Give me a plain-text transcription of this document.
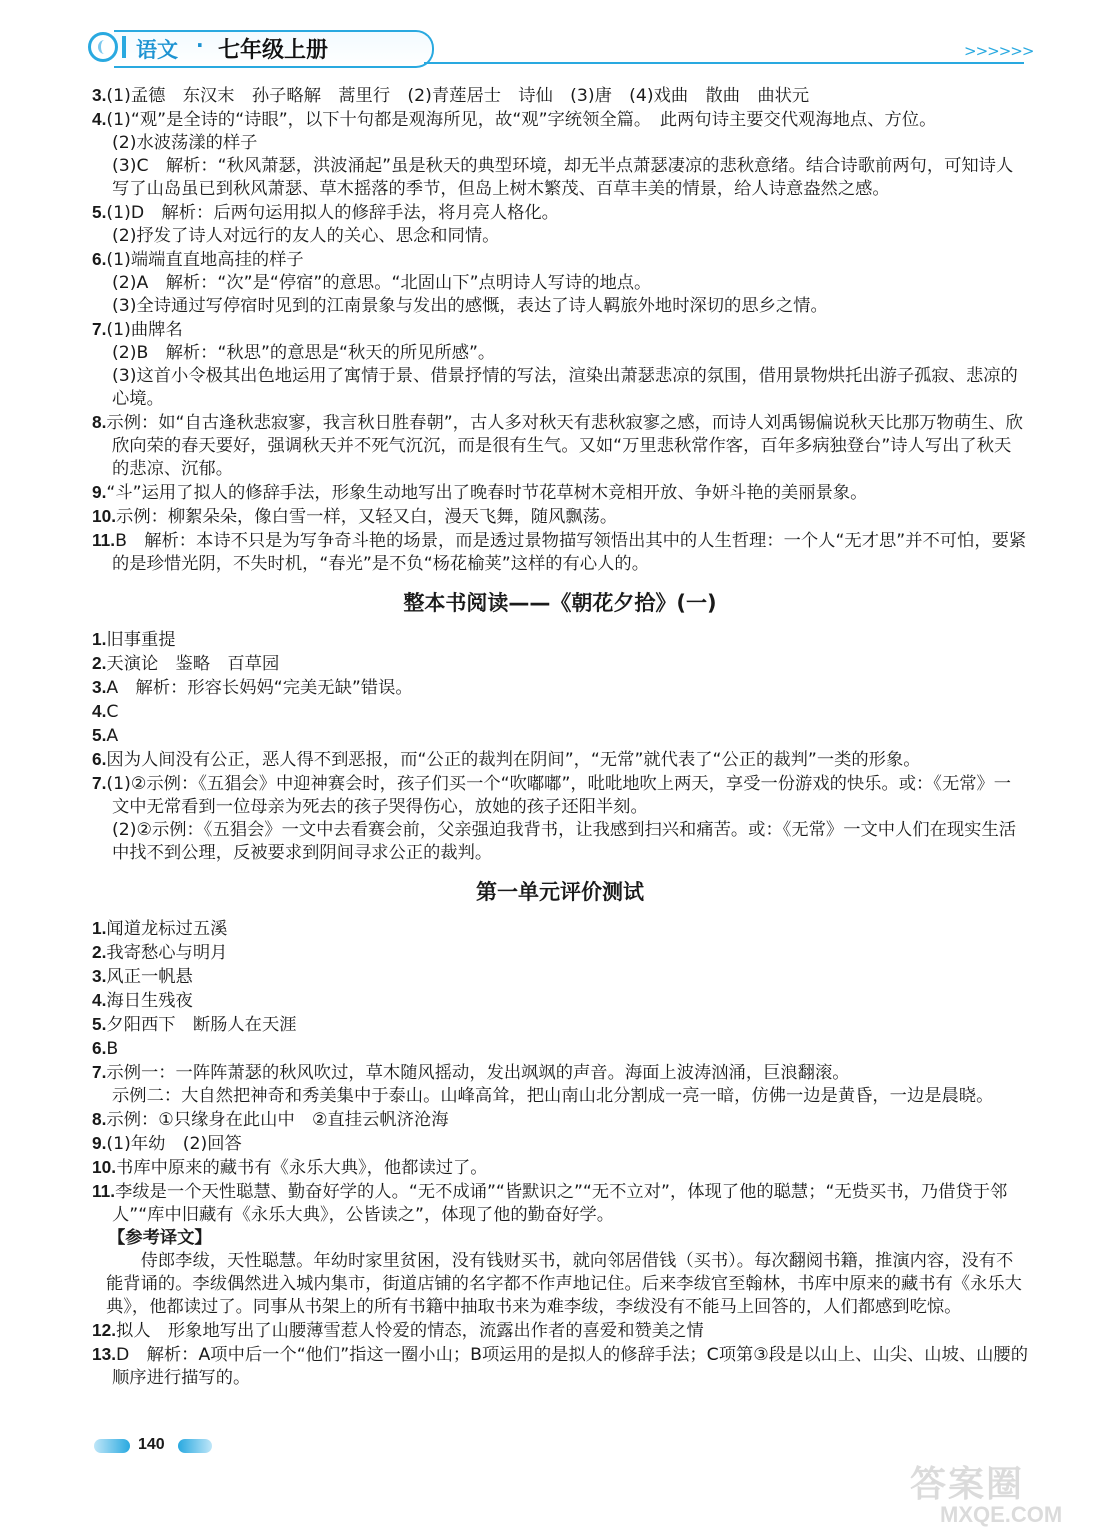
语文 · 七年级上册	>>>>>>

3.(1)孟德　东汉末　孙子略解　蒿里行　(2)青莲居士　诗仙　(3)唐　(4)戏曲　散曲　曲状元

4.(1)“观”是全诗的“诗眼”，以下十句都是观海所见，故“观”字统领全篇。　此两句诗主要交代观海地点、方位。

(2)水波荡漾的样子

(3)C　解析：“秋风萧瑟，洪波涌起”虽是秋天的典型环境，却无半点萧瑟凄凉的悲秋意绪。结合诗歌前两句，可知诗人写了山岛虽已到秋风萧瑟、草木摇落的季节，但岛上树木繁茂、百草丰美的情景，给人诗意盎然之感。

5.(1)D　解析：后两句运用拟人的修辞手法，将月亮人格化。

(2)抒发了诗人对远行的友人的关心、思念和同情。

6.(1)端端直直地高挂的样子

(2)A　解析：“次”是“停宿”的意思。“北固山下”点明诗人写诗的地点。

(3)全诗通过写停宿时见到的江南景象与发出的感慨，表达了诗人羁旅外地时深切的思乡之情。

7.(1)曲牌名

(2)B　解析：“秋思”的意思是“秋天的所见所感”。

(3)这首小令极其出色地运用了寓情于景、借景抒情的写法，渲染出萧瑟悲凉的氛围，借用景物烘托出游子孤寂、悲凉的心境。

8.示例：如“自古逢秋悲寂寥，我言秋日胜春朝”，古人多对秋天有悲秋寂寥之感，而诗人刘禹锡偏说秋天比那万物萌生、欣欣向荣的春天要好，强调秋天并不死气沉沉，而是很有生气。又如“万里悲秋常作客，百年多病独登台”诗人写出了秋天的悲凉、沉郁。

9.“斗”运用了拟人的修辞手法，形象生动地写出了晚春时节花草树木竞相开放、争妍斗艳的美丽景象。

10.示例：柳絮朵朵，像白雪一样，又轻又白，漫天飞舞，随风飘荡。

11.B　解析：本诗不只是为写争奇斗艳的场景，而是透过景物描写领悟出其中的人生哲理：一个人“无才思”并不可怕，要紧的是珍惜光阴，不失时机，“春光”是不负“杨花榆荚”这样的有心人的。

整本书阅读——《朝花夕拾》(一)

1.旧事重提

2.天演论　鉴略　百草园

3.A　解析：形容长妈妈“完美无缺”错误。

4.C

5.A

6.因为人间没有公正，恶人得不到恶报，而“公正的裁判在阴间”，“无常”就代表了“公正的裁判”一类的形象。

7.(1)②示例：《五猖会》中迎神赛会时，孩子们买一个“吹嘟嘟”，吡吡地吹上两天，享受一份游戏的快乐。或：《无常》一文中无常看到一位母亲为死去的孩子哭得伤心，放她的孩子还阳半刻。

(2)②示例：《五猖会》一文中去看赛会前，父亲强迫我背书，让我感到扫兴和痛苦。或：《无常》一文中人们在现实生活中找不到公理，反被要求到阴间寻求公正的裁判。

第一单元评价测试

1.闻道龙标过五溪

2.我寄愁心与明月

3.风正一帆悬

4.海日生残夜

5.夕阳西下　断肠人在天涯

6.B

7.示例一：一阵阵萧瑟的秋风吹过，草木随风摇动，发出飒飒的声音。海面上波涛汹涌，巨浪翻滚。

示例二：大自然把神奇和秀美集中于泰山。山峰高耸，把山南山北分割成一亮一暗，仿佛一边是黄昏，一边是晨晓。

8.示例：①只缘身在此山中　②直挂云帆济沧海

9.(1)年幼　(2)回答

10.书库中原来的藏书有《永乐大典》，他都读过了。

11.李绂是一个天性聪慧、勤奋好学的人。“无不成诵”“皆默识之”“无不立对”，体现了他的聪慧；“无赀买书，乃借贷于邻人”“库中旧藏有《永乐大典》，公皆读之”，体现了他的勤奋好学。

【参考译文】
侍郎李绂，天性聪慧。年幼时家里贫困，没有钱财买书，就向邻居借钱（买书）。每次翻阅书籍，推演内容，没有不能背诵的。李绂偶然进入城内集市，街道店铺的名字都不作声地记住。后来李绂官至翰林，书库中原来的藏书有《永乐大典》，他都读过了。同事从书架上的所有书籍中抽取书来为难李绂，李绂没有不能马上回答的，人们都感到吃惊。

12.拟人　形象地写出了山腰薄雪惹人怜爱的情态，流露出作者的喜爱和赞美之情

13.D　解析：A项中后一个“他们”指这一圈小山；B项运用的是拟人的修辞手法；C项第③段是以山上、山尖、山坡、山腰的顺序进行描写的。

140
答案圈
MXQE.COM
